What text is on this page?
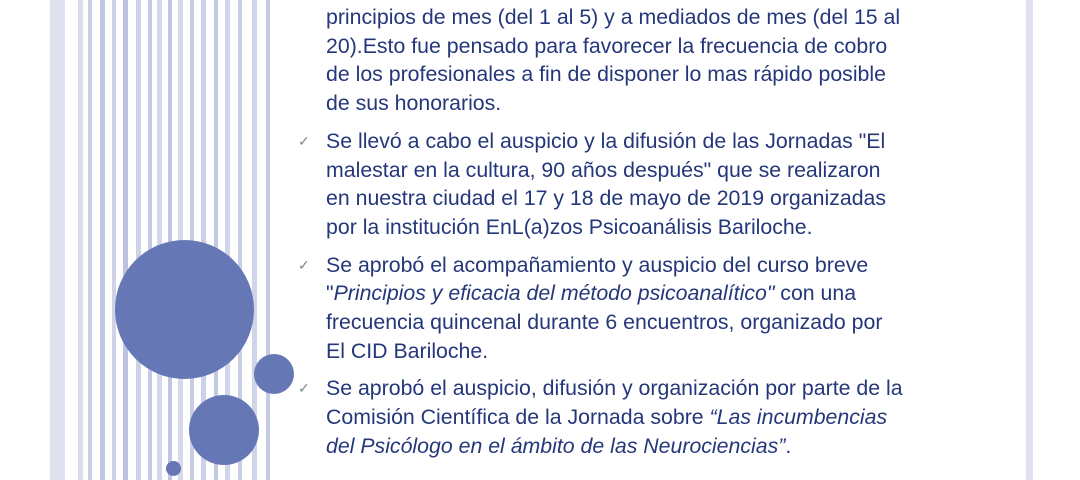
principios de mes (del 1 al 5) y a mediados de mes (del 15 al
20).Esto fue pensado para favorecer la frecuencia de cobro
de los profesionales a fin de disponer lo mas rápido posible
de sus honorarios.
✓ Se llevó a cabo el auspicio y la difusión de las Jornadas "El
malestar en la cultura, 90 años después" que se realizaron
en nuestra ciudad el 17 y 18 de mayo de 2019 organizadas
por la institución EnL(a)zos Psicoanálisis Bariloche.
✓ Se aprobó el acompañamiento y auspicio del curso breve
"Principios y eficacia del método psicoanalítico" con una
frecuencia quincenal durante 6 encuentros, organizado por
El CID Bariloche.
✓ Se aprobó el auspicio, difusión y organización por parte de la
Comisión Científica de la Jornada sobre “Las incumbencias
del Psicólogo en el ámbito de las Neurociencias”.
